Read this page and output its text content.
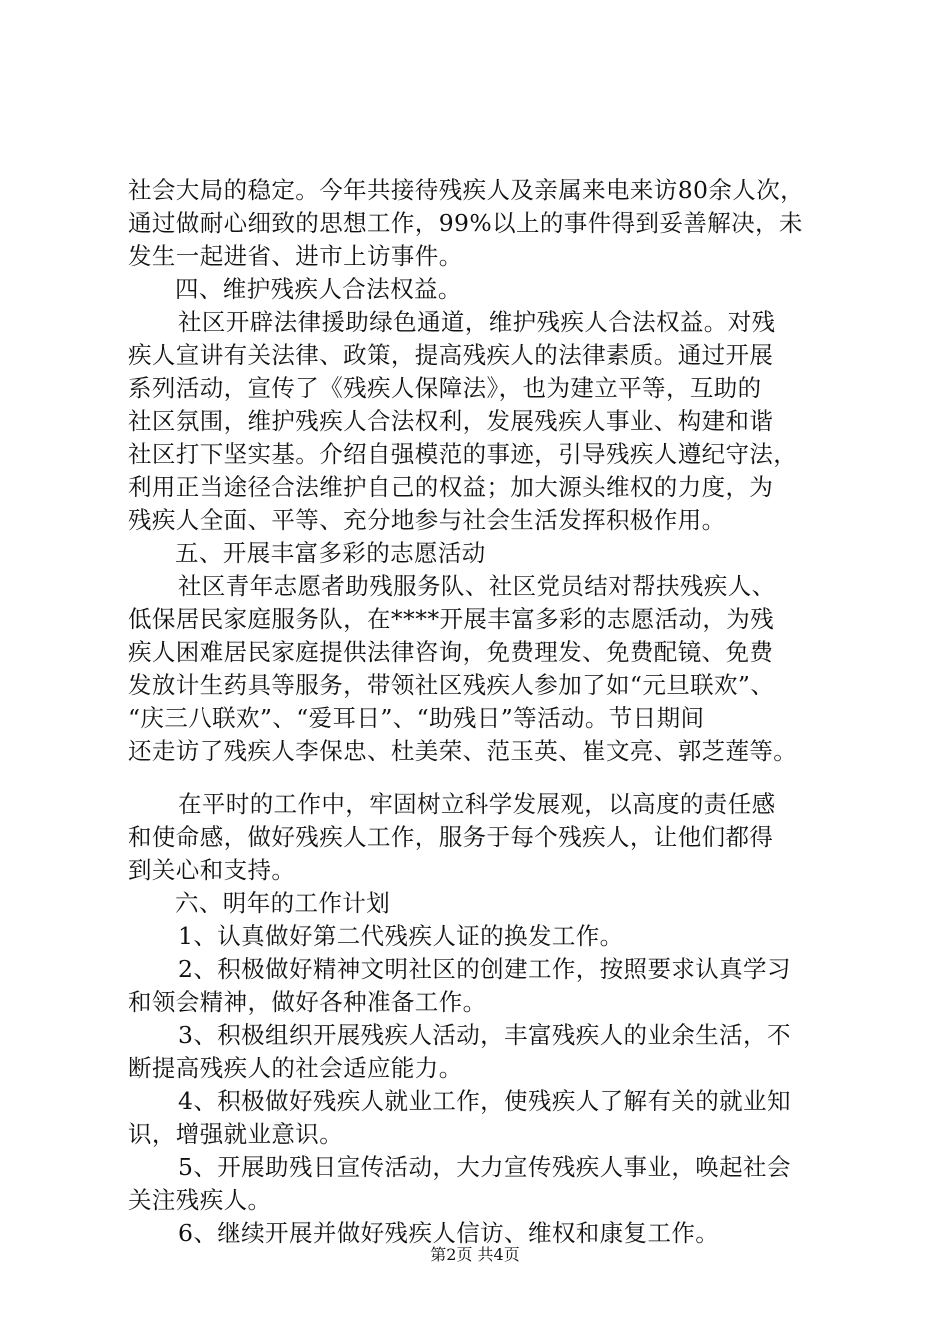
社会大局的稳定。今年共接待残疾人及亲属来电来访80余人次，
通过做耐心细致的思想工作，99%以上的事件得到妥善解决，未
发生一起进省、进市上访事件。
四、维护残疾人合法权益。
社区开辟法律援助绿色通道，维护残疾人合法权益。对残
疾人宣讲有关法律、政策，提高残疾人的法律素质。通过开展
系列活动，宣传了《残疾人保障法》，也为建立平等，互助的
社区氛围，维护残疾人合法权利，发展残疾人事业、构建和谐
社区打下坚实基。介绍自强模范的事迹，引导残疾人遵纪守法，
利用正当途径合法维护自己的权益；加大源头维权的力度，为
残疾人全面、平等、充分地参与社会生活发挥积极作用。
五、开展丰富多彩的志愿活动
社区青年志愿者助残服务队、社区党员结对帮扶残疾人、
低保居民家庭服务队，在****开展丰富多彩的志愿活动，为残
疾人困难居民家庭提供法律咨询，免费理发、免费配镜、免费
发放计生药具等服务，带领社区残疾人参加了如“元旦联欢”、
“庆三八联欢”、“爱耳日”、“助残日”等活动。节日期间
还走访了残疾人李保忠、杜美荣、范玉英、崔文亮、郭芝莲等。
在平时的工作中，牢固树立科学发展观，以高度的责任感
和使命感，做好残疾人工作，服务于每个残疾人，让他们都得
到关心和支持。
六、明年的工作计划
1、认真做好第二代残疾人证的换发工作。
2、积极做好精神文明社区的创建工作，按照要求认真学习
和领会精神，做好各种准备工作。
3、积极组织开展残疾人活动，丰富残疾人的业余生活，不
断提高残疾人的社会适应能力。
4、积极做好残疾人就业工作，使残疾人了解有关的就业知
识，增强就业意识。
5、开展助残日宣传活动，大力宣传残疾人事业，唤起社会
关注残疾人。
6、继续开展并做好残疾人信访、维权和康复工作。
第2页 共4页
